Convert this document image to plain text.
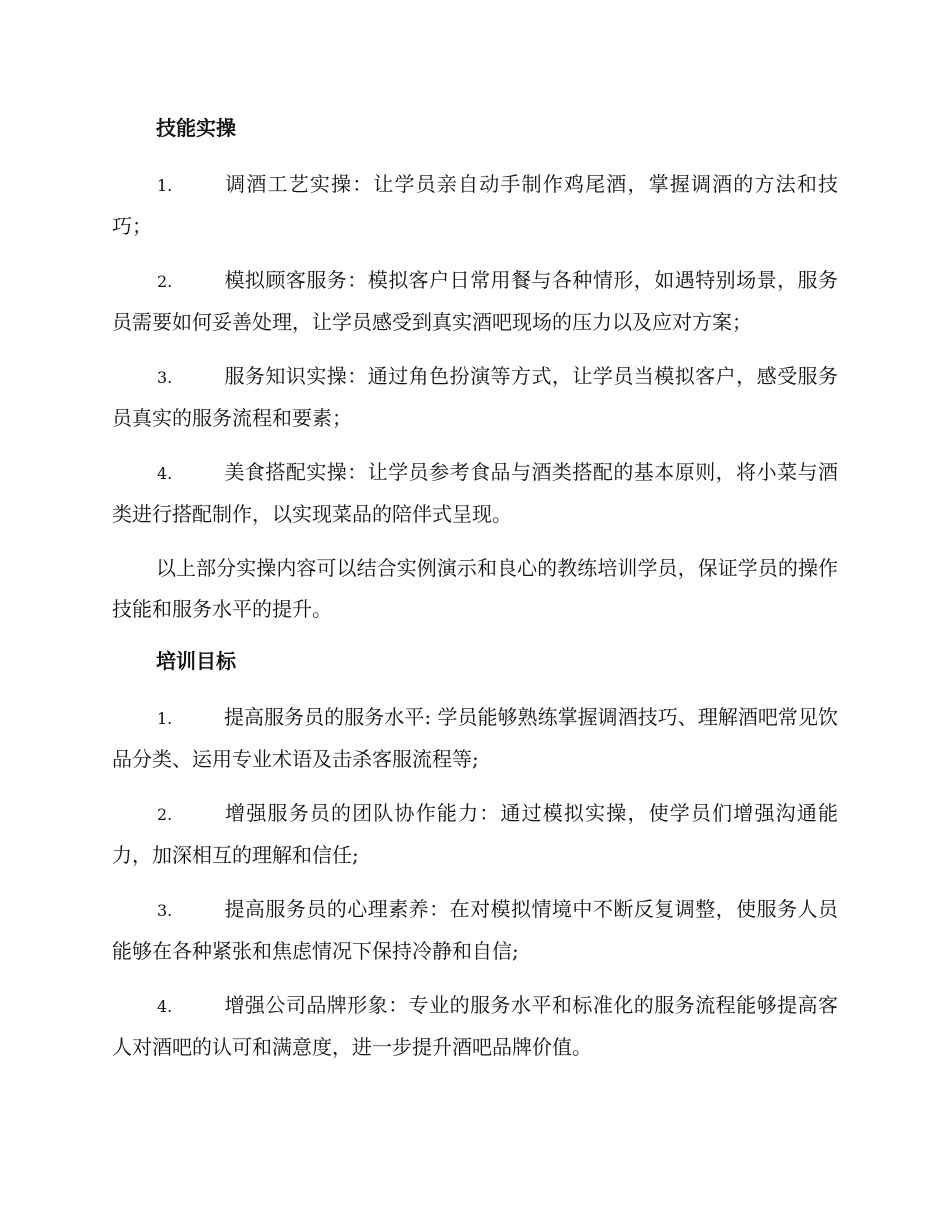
技能实操

1.	调酒工艺实操：让学员亲自动手制作鸡尾酒，掌握调酒的方法和技巧；

2.	模拟顾客服务：模拟客户日常用餐与各种情形，如遇特别场景，服务员需要如何妥善处理，让学员感受到真实酒吧现场的压力以及应对方案；

3.	服务知识实操：通过角色扮演等方式，让学员当模拟客户，感受服务员真实的服务流程和要素；

4.	美食搭配实操：让学员参考食品与酒类搭配的基本原则，将小菜与酒类进行搭配制作，以实现菜品的陪伴式呈现。

以上部分实操内容可以结合实例演示和良心的教练培训学员，保证学员的操作技能和服务水平的提升。

培训目标

1.	提高服务员的服务水平: 学员能够熟练掌握调酒技巧、理解酒吧常见饮品分类、运用专业术语及击杀客服流程等;

2.	增强服务员的团队协作能力：通过模拟实操，使学员们增强沟通能力，加深相互的理解和信任;

3.	提高服务员的心理素养：在对模拟情境中不断反复调整，使服务人员能够在各种紧张和焦虑情况下保持冷静和自信;

4.	增强公司品牌形象：专业的服务水平和标准化的服务流程能够提高客人对酒吧的认可和满意度，进一步提升酒吧品牌价值。
